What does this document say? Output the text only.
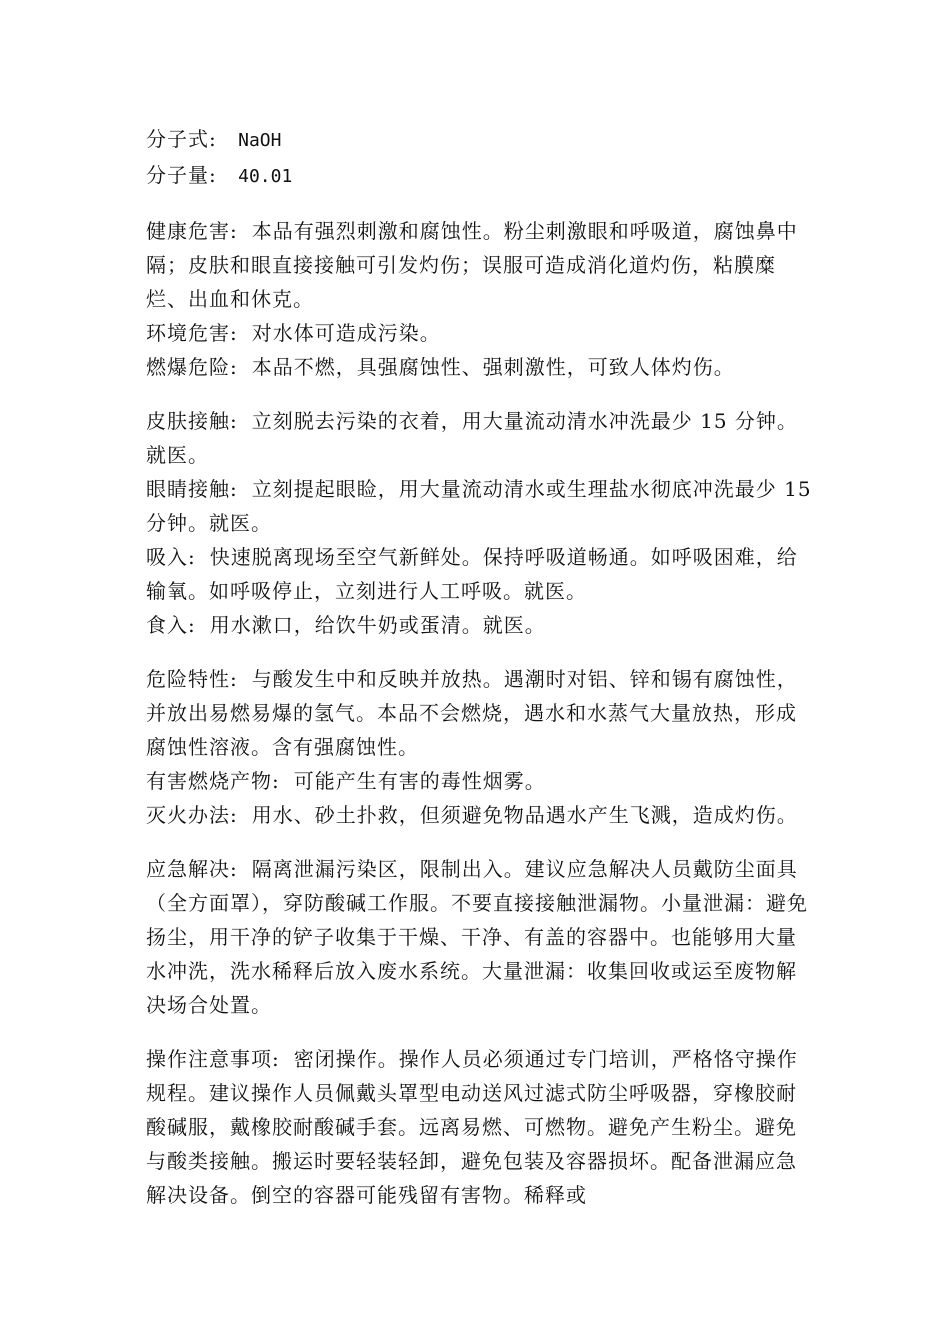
分子式: NaOH

分子量: 40.01

健康危害: 本品有强烈刺激和腐蚀性。粉尘刺激眼和呼吸道，腐蚀鼻中隔；皮肤和眼直接接触可引发灼伤；误服可造成消化道灼伤，粘膜糜烂、出血和休克。

环境危害: 对水体可造成污染。

燃爆危险: 本品不燃，具强腐蚀性、强刺激性，可致人体灼伤。

皮肤接触: 立刻脱去污染的衣着，用大量流动清水冲洗最少 15 分钟。就医。

眼睛接触: 立刻提起眼睑，用大量流动清水或生理盐水彻底冲洗最少 15 分钟。就医。

吸入: 快速脱离现场至空气新鲜处。保持呼吸道畅通。如呼吸困难，给输氧。如呼吸停止，立刻进行人工呼吸。就医。

食入: 用水漱口，给饮牛奶或蛋清。就医。

危险特性: 与酸发生中和反映并放热。遇潮时对铝、锌和锡有腐蚀性，并放出易燃易爆的氢气。本品不会燃烧，遇水和水蒸气大量放热，形成腐蚀性溶液。含有强腐蚀性。

有害燃烧产物: 可能产生有害的毒性烟雾。

灭火办法: 用水、砂土扑救，但须避免物品遇水产生飞溅，造成灼伤。

应急解决: 隔离泄漏污染区，限制出入。建议应急解决人员戴防尘面具（全方面罩），穿防酸碱工作服。不要直接接触泄漏物。小量泄漏：避免扬尘，用干净的铲子收集于干燥、干净、有盖的容器中。也能够用大量水冲洗，洗水稀释后放入废水系统。大量泄漏：收集回收或运至废物解决场合处置。

操作注意事项: 密闭操作。操作人员必须通过专门培训，严格恪守操作规程。建议操作人员佩戴头罩型电动送风过滤式防尘呼吸器，穿橡胶耐酸碱服，戴橡胶耐酸碱手套。远离易燃、可燃物。避免产生粉尘。避免与酸类接触。搬运时要轻装轻卸，避免包装及容器损坏。配备泄漏应急解决设备。倒空的容器可能残留有害物。稀释或
